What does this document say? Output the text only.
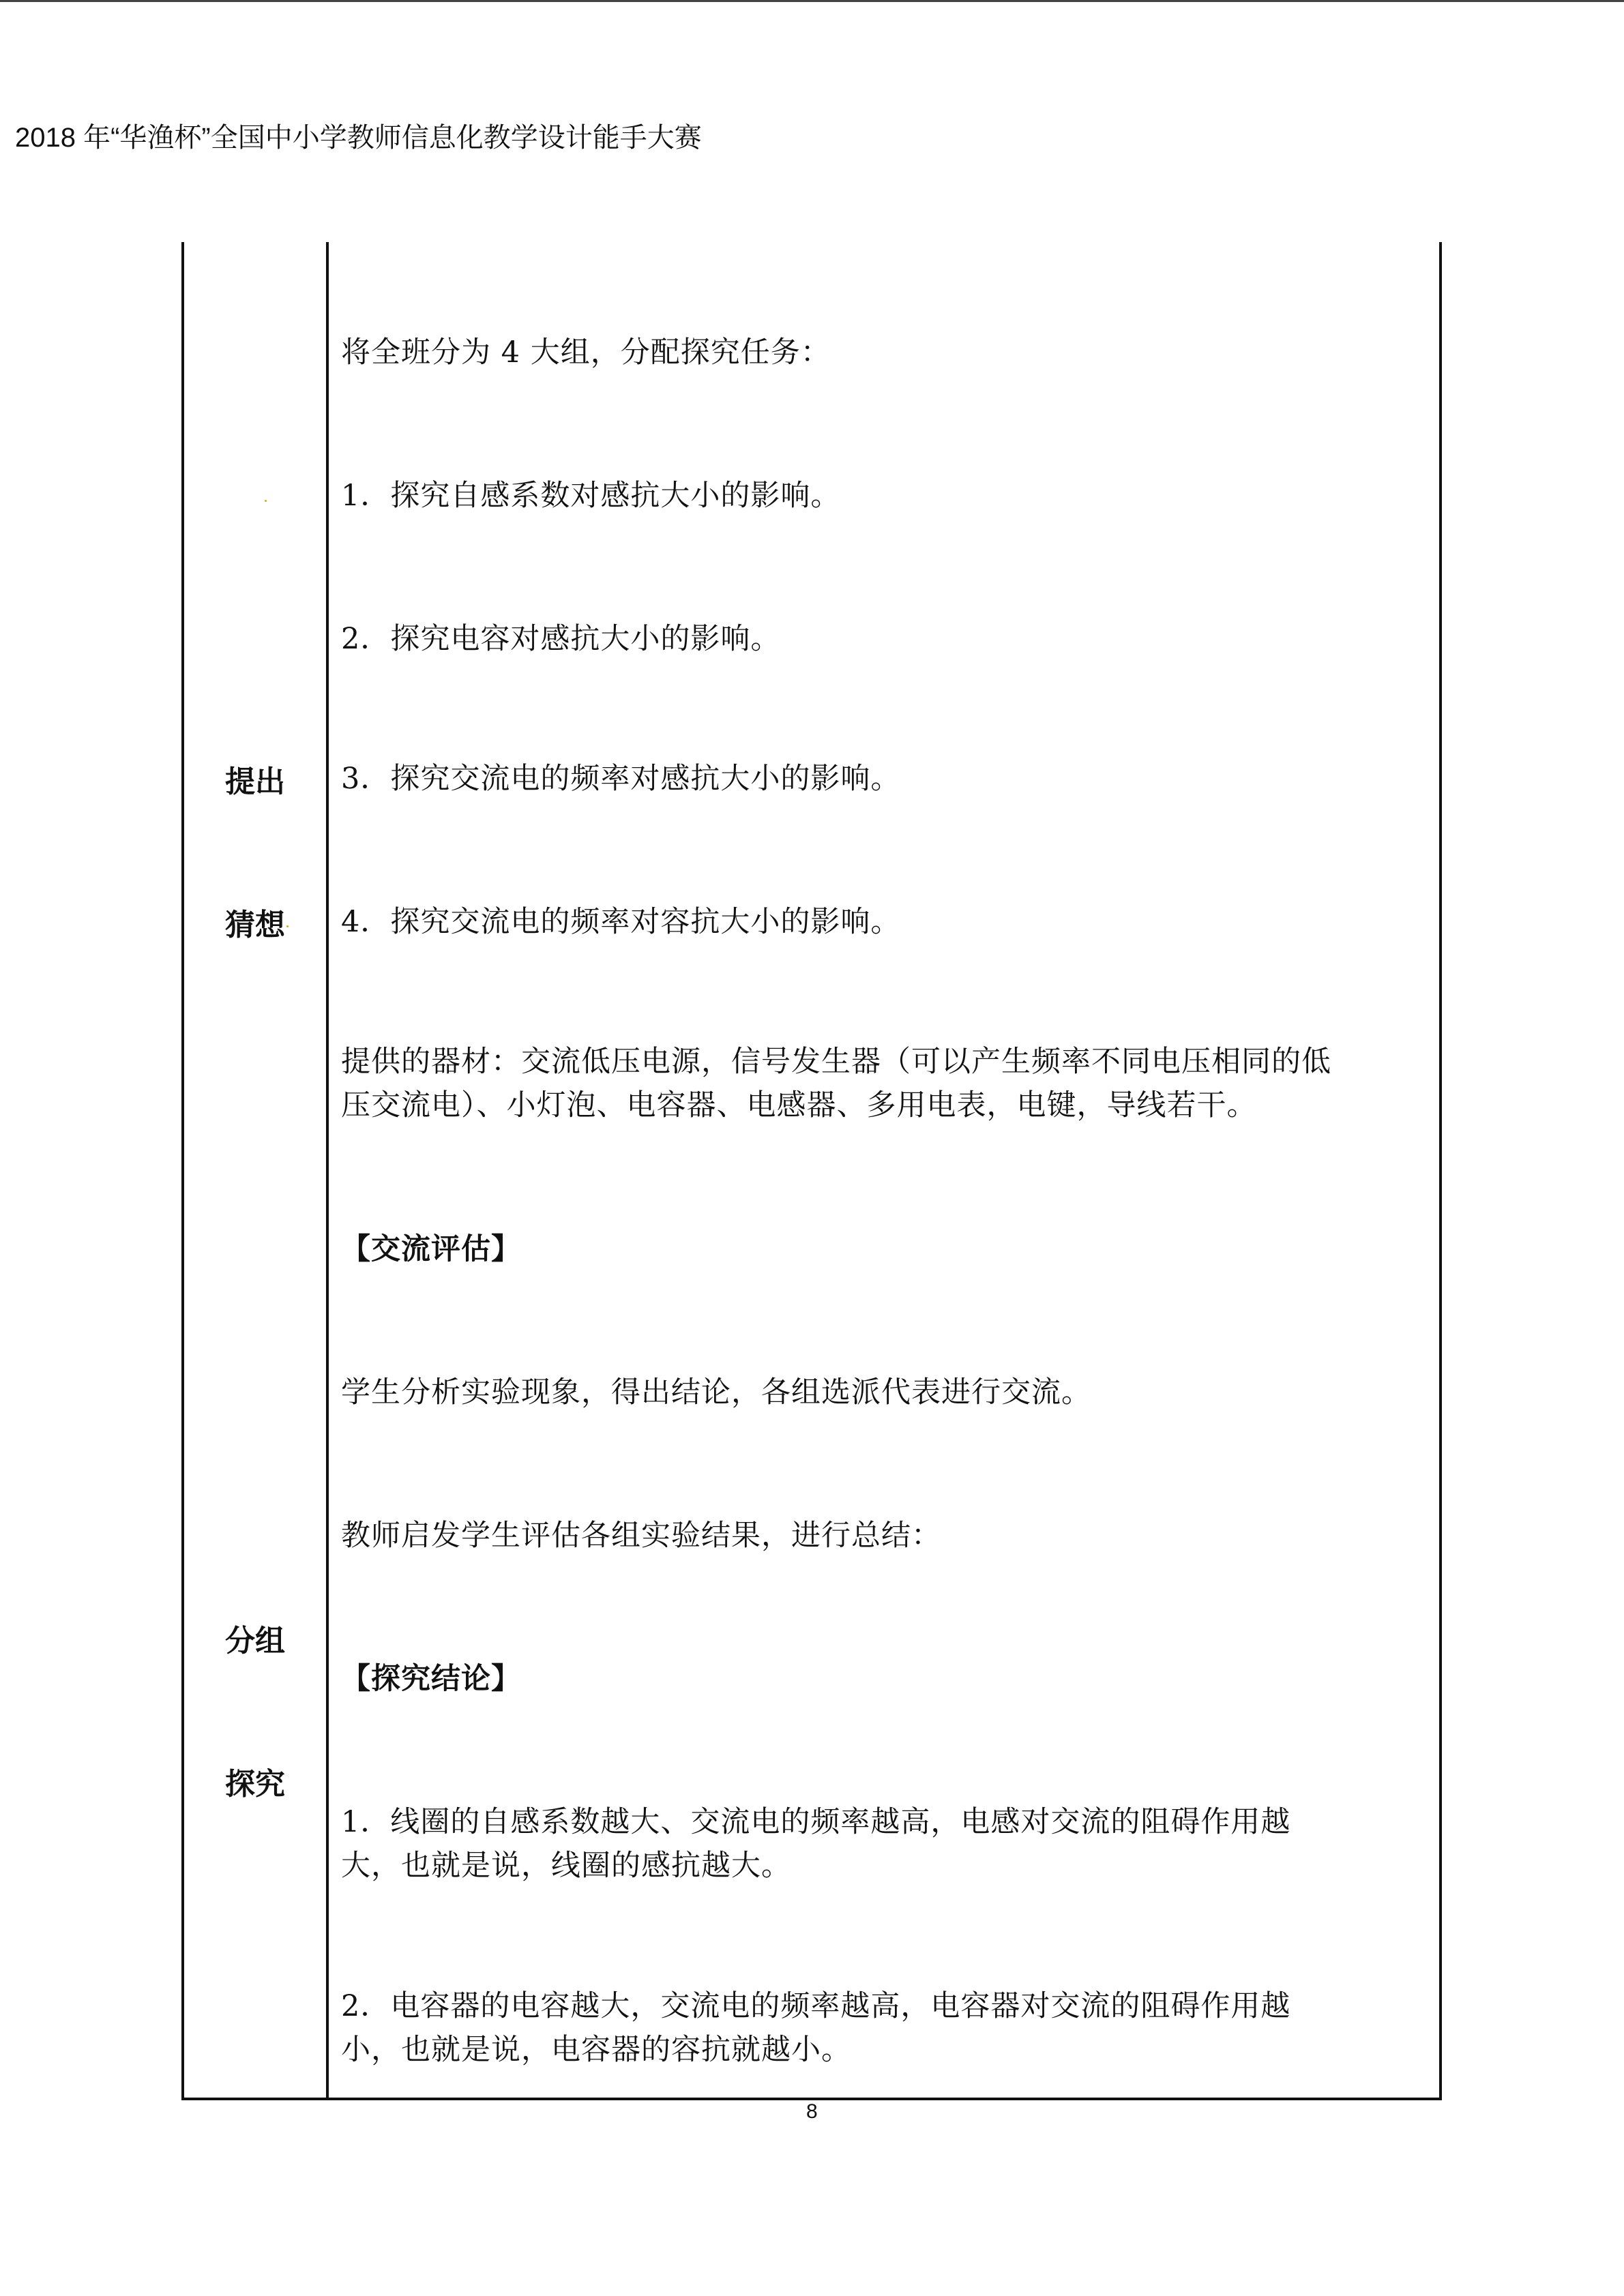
2018 年“华渔杯”全国中小学教师信息化教学设计能手大赛
提出
猜想
分组
探究
将全班分为 4 大组，分配探究任务：
1．探究自感系数对感抗大小的影响。
2．探究电容对感抗大小的影响。
3．探究交流电的频率对感抗大小的影响。
4．探究交流电的频率对容抗大小的影响。
提供的器材：交流低压电源，信号发生器（可以产生频率不同电压相同的低
压交流电）、小灯泡、电容器、电感器、多用电表，电键，导线若干。
【交流评估】
学生分析实验现象，得出结论，各组选派代表进行交流。
教师启发学生评估各组实验结果，进行总结：
【探究结论】
1．线圈的自感系数越大、交流电的频率越高，电感对交流的阻碍作用越
大，也就是说，线圈的感抗越大。
2．电容器的电容越大，交流电的频率越高，电容器对交流的阻碍作用越
小，也就是说，电容器的容抗就越小。
8
